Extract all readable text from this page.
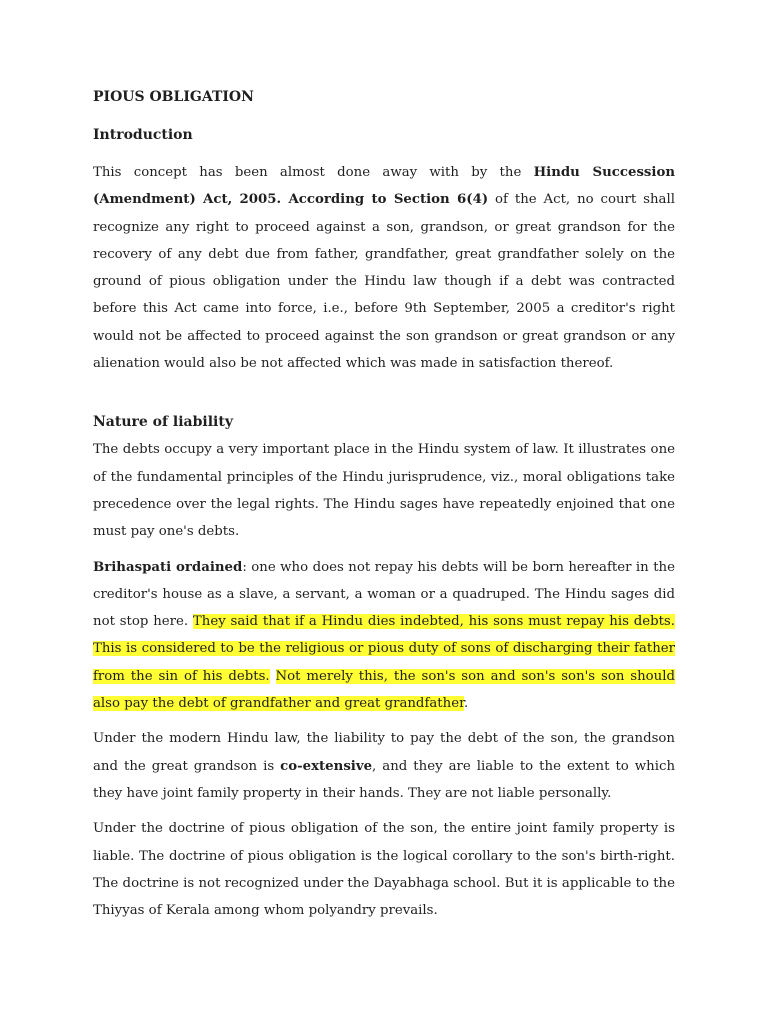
PIOUS OBLIGATION
Introduction

This concept has been almost done away with by the Hindu Succession (Amendment) Act, 2005. According to Section 6(4) of the Act, no court shall recognize any right to proceed against a son, grandson, or great grandson for the recovery of any debt due from father, grandfather, great grandfather solely on the ground of pious obligation under the Hindu law though if a debt was contracted before this Act came into force, i.e., before 9th September, 2005 a creditor's right would not be affected to proceed against the son grandson or great grandson or any alienation would also be not affected which was made in satisfaction thereof.

Nature of liability

The debts occupy a very important place in the Hindu system of law. It illustrates one of the fundamental principles of the Hindu jurisprudence, viz., moral obligations take precedence over the legal rights. The Hindu sages have repeatedly enjoined that one must pay one's debts.

Brihaspati ordained: one who does not repay his debts will be born hereafter in the creditor's house as a slave, a servant, a woman or a quadruped. The Hindu sages did not stop here. They said that if a Hindu dies indebted, his sons must repay his debts. This is considered to be the religious or pious duty of sons of discharging their father from the sin of his debts. Not merely this, the son's son and son's son's son should also pay the debt of grandfather and great grandfather.

Under the modern Hindu law, the liability to pay the debt of the son, the grandson and the great grandson is co-extensive, and they are liable to the extent to which they have joint family property in their hands. They are not liable personally.

Under the doctrine of pious obligation of the son, the entire joint family property is liable. The doctrine of pious obligation is the logical corollary to the son's birth-right. The doctrine is not recognized under the Dayabhaga school. But it is applicable to the Thiyyas of Kerala among whom polyandry prevails.
